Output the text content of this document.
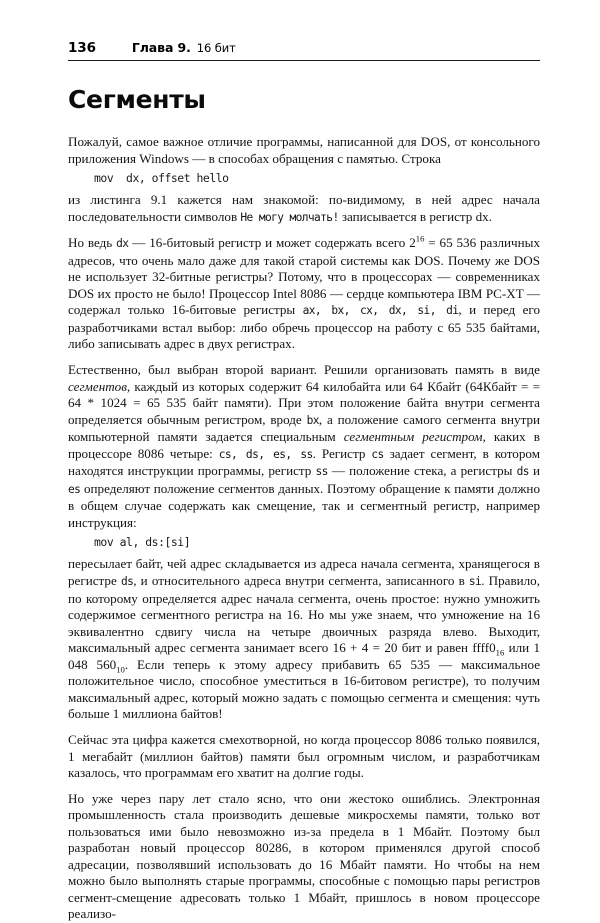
136	Глава 9. 16 бит
Сегменты

Пожалуй, самое важное отличие программы, написанной для DOS, от консольного приложения Windows — в способах обращения с памятью. Строка

mov  dx, offset hello

из листинга 9.1 кажется нам знакомой: по-видимому, в ней адрес начала последовательности символов Не могу молчать! записывается в регистр dx.

Но ведь dx — 16-битовый регистр и может содержать всего $2^{16} = 65$ 536 различных адресов, что очень мало даже для такой старой системы как DOS. Почему же DOS не использует 32-битные регистры? Потому, что в процессорах — современниках DOS их просто не было! Процессор Intel 8086 — сердце компьютера IBM PC-XT — содержал только 16-битовые регистры ax, bx, cx, dx, si, di, и перед его разработчиками встал выбор: либо обречь процессор на работу с 65 535 байтами, либо записывать адрес в двух регистрах.

Естественно, был выбран второй вариант. Решили организовать память в виде сегментов, каждый из которых содержит 64 килобайта или 64 Кбайт (64Кбайт = = 64 * 1024 = 65 535 байт памяти). При этом положение байта внутри сегмента определяется обычным регистром, вроде bx, а положение самого сегмента внутри компьютерной памяти задается специальным сегментным регистром, каких в процессоре 8086 четыре: cs, ds, es, ss. Регистр cs задает сегмент, в котором находятся инструкции программы, регистр ss — положение стека, а регистры ds и es определяют положение сегментов данных. Поэтому обращение к памяти должно в общем случае содержать как смещение, так и сегментный регистр, например инструкция:

mov al, ds:[si]

пересылает байт, чей адрес складывается из адреса начала сегмента, хранящегося в регистре ds, и относительного адреса внутри сегмента, записанного в si. Правило, по которому определяется адрес начала сегмента, очень простое: нужно умножить содержимое сегментного регистра на 16. Но мы уже знаем, что умножение на 16 эквивалентно сдвигу числа на четыре двоичных разряда влево. Выходит, максимальный адрес сегмента занимает всего 16 + 4 = 20 бит и равен $ffff0_{16}$ или 1 048 $560_{10}$. Если теперь к этому адресу прибавить 65 535 — максимальное положительное число, способное уместиться в 16-битовом регистре), то получим максимальный адрес, который можно задать с помощью сегмента и смещения: чуть больше 1 миллиона байтов!

Сейчас эта цифра кажется смехотворной, но когда процессор 8086 только появился, 1 мегабайт (миллион байтов) памяти был огромным числом, и разработчикам казалось, что программам его хватит на долгие годы.

Но уже через пару лет стало ясно, что они жестоко ошиблись. Электронная промышленность стала производить дешевые микросхемы памяти, только вот пользоваться ими было невозможно из-за предела в 1 Мбайт. Поэтому был разработан новый процессор 80286, в котором применялся другой способ адресации, позволявший использовать до 16 Мбайт памяти. Но чтобы на нем можно было выполнять старые программы, способные с помощью пары регистров сегмент-смещение адресовать только 1 Мбайт, пришлось в новом процессоре реализо-
